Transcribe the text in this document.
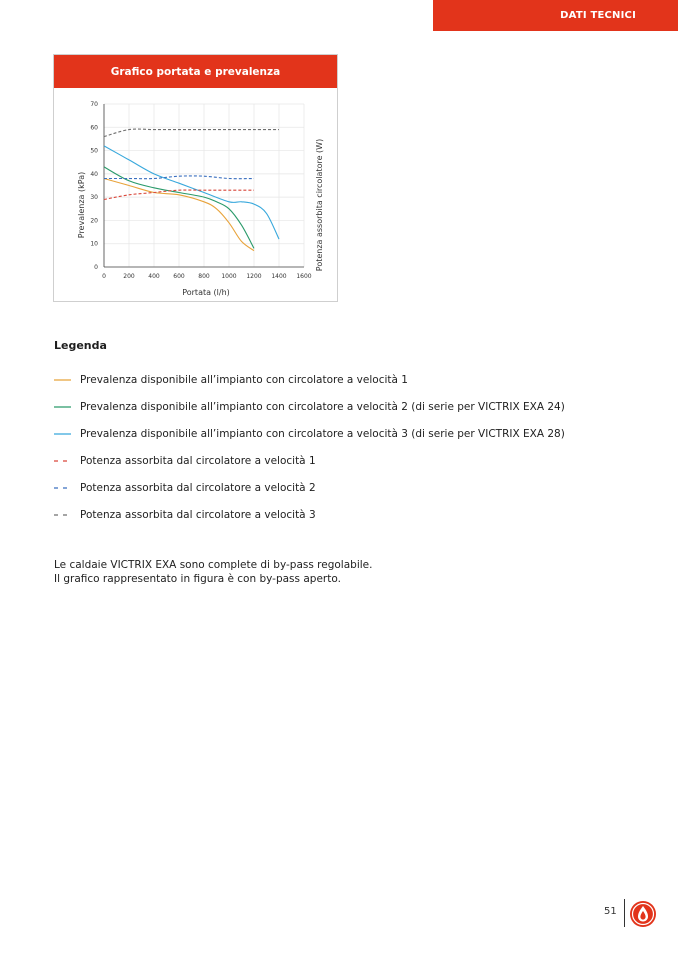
DATI TECNICI
Grafico portata e prevalenza
0	200 400 600 800 1000 1200 1400 1600
0
10
20
30
40
50
60
70
Portata (l/h)
Prevalenza (kPa)	Potenza assorbita circolatore (W)
Legenda
Prevalenza disponibile all’impianto con circolatore a velocità 1
Prevalenza disponibile all’impianto con circolatore a velocità 2 (di serie per VICTRIX EXA 24)
Prevalenza disponibile all’impianto con circolatore a velocità 3 (di serie per VICTRIX EXA 28)
Potenza assorbita dal circolatore a velocità 1
Potenza assorbita dal circolatore a velocità 2
Potenza assorbita dal circolatore a velocità 3
Le caldaie VICTRIX EXA sono complete di by-pass regolabile.
Il grafico rappresentato in figura è con by-pass aperto.
51
